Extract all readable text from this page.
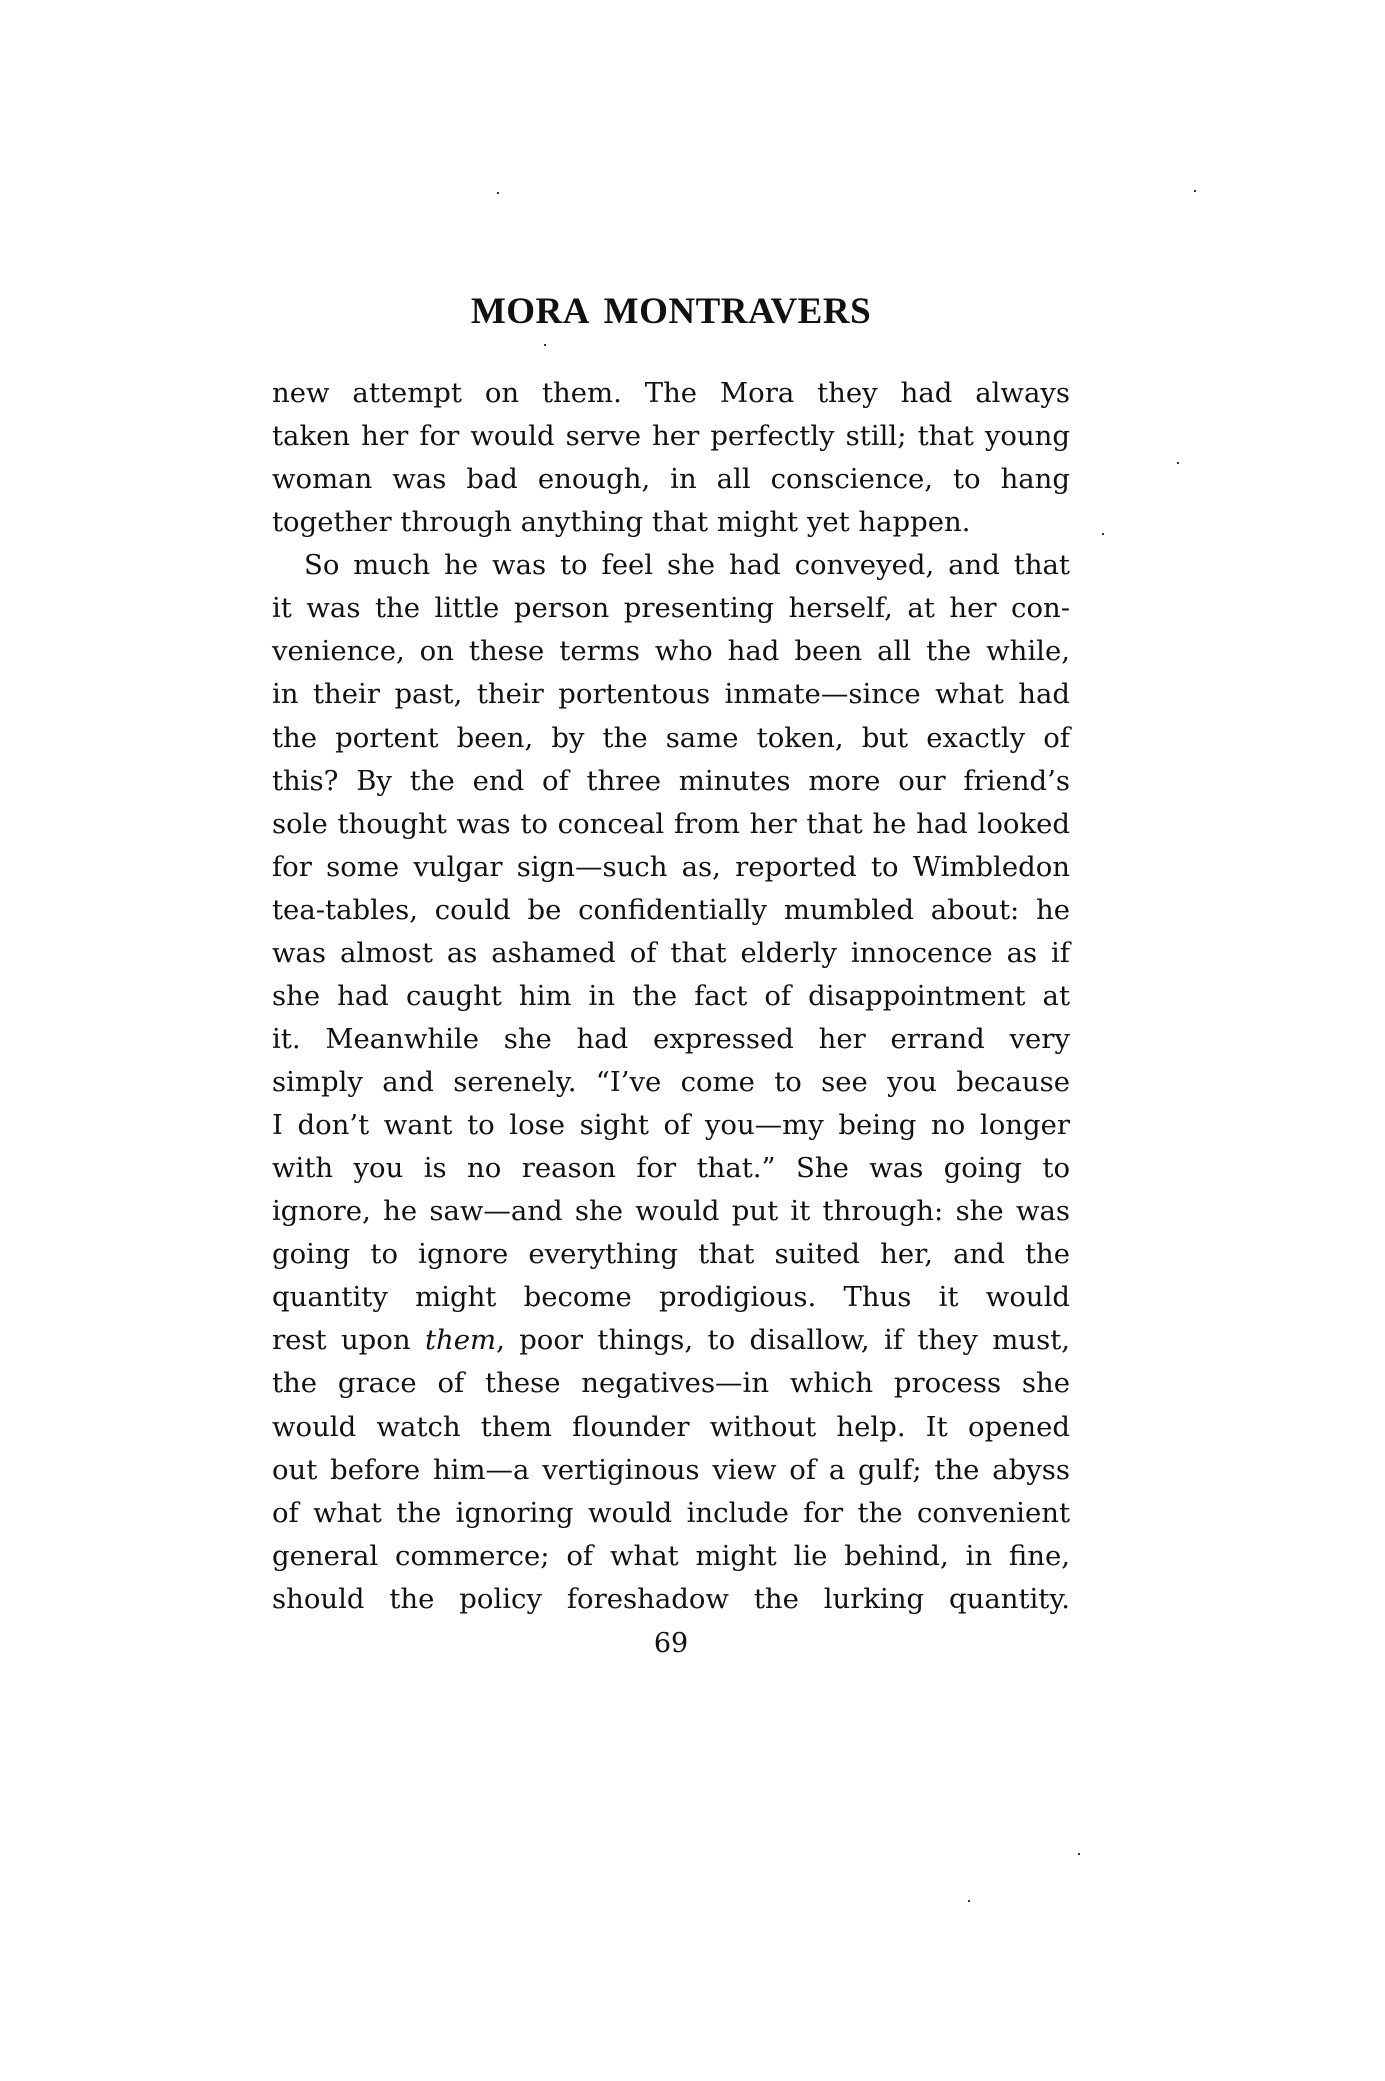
MORA MONTRAVERS
new attempt on them. The Mora they had always
taken her for would serve her perfectly still; that young
woman was bad enough, in all conscience, to hang
together through anything that might yet happen.
So much he was to feel she had conveyed, and that
it was the little person presenting herself, at her con-
venience, on these terms who had been all the while,
in their past, their portentous inmate—since what had
the portent been, by the same token, but exactly of
this? By the end of three minutes more our friend’s
sole thought was to conceal from her that he had looked
for some vulgar sign—such as, reported to Wimbledon
tea-tables, could be confidentially mumbled about: he
was almost as ashamed of that elderly innocence as if
she had caught him in the fact of disappointment at
it. Meanwhile she had expressed her errand very
simply and serenely. “I’ve come to see you because
I don’t want to lose sight of you—my being no longer
with you is no reason for that.” She was going to
ignore, he saw—and she would put it through: she was
going to ignore everything that suited her, and the
quantity might become prodigious. Thus it would
rest upon them, poor things, to disallow, if they must,
the grace of these negatives—in which process she
would watch them flounder without help. It opened
out before him—a vertiginous view of a gulf; the abyss
of what the ignoring would include for the convenient
general commerce; of what might lie behind, in fine,
should the policy foreshadow the lurking quantity.
69
